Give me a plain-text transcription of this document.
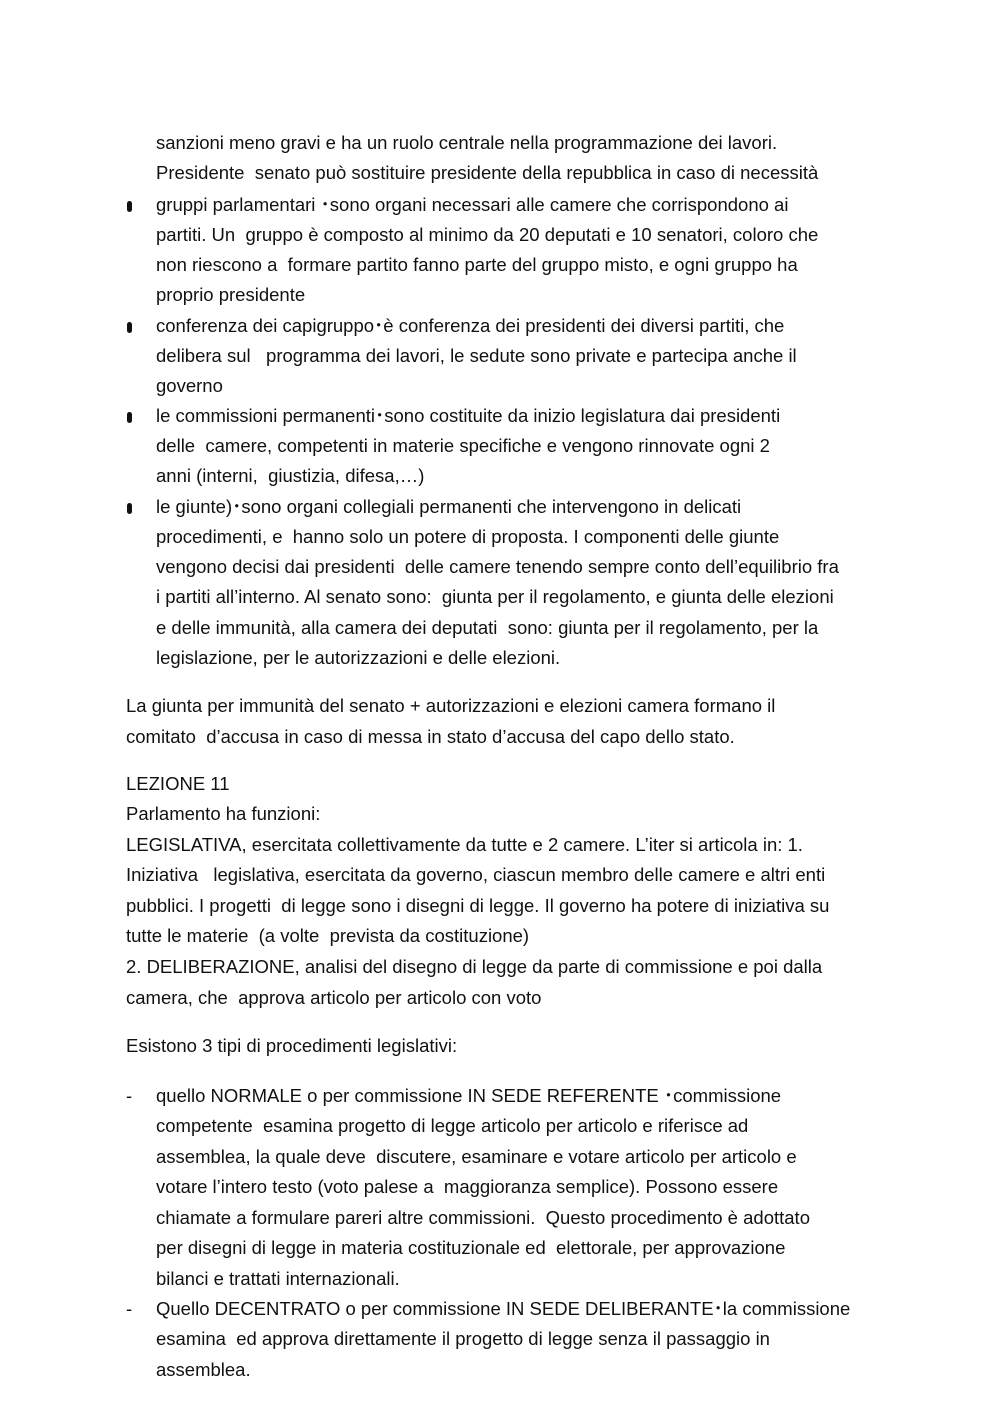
sanzioni meno gravi e ha un ruolo centrale nella programmazione dei lavori.
Presidente  senato può sostituire presidente della repubblica in caso di necessità
gruppi parlamentari ･sono organi necessari alle camere che corrispondono ai
partiti. Un  gruppo è composto al minimo da 20 deputati e 10 senatori, coloro che
non riescono a  formare partito fanno parte del gruppo misto, e ogni gruppo ha
proprio presidente
conferenza dei capigruppo･è conferenza dei presidenti dei diversi partiti, che
delibera sul   programma dei lavori, le sedute sono private e partecipa anche il
governo
le commissioni permanenti･sono costituite da inizio legislatura dai presidenti
delle  camere, competenti in materie specifiche e vengono rinnovate ogni 2
anni (interni,  giustizia, difesa,…)
le giunte)･sono organi collegiali permanenti che intervengono in delicati
procedimenti, e  hanno solo un potere di proposta. I componenti delle giunte
vengono decisi dai presidenti  delle camere tenendo sempre conto dell’equilibrio fra
i partiti all’interno. Al senato sono:  giunta per il regolamento, e giunta delle elezioni
e delle immunità, alla camera dei deputati  sono: giunta per il regolamento, per la
legislazione, per le autorizzazioni e delle elezioni.
La giunta per immunità del senato + autorizzazioni e elezioni camera formano il
comitato  d’accusa in caso di messa in stato d’accusa del capo dello stato.
LEZIONE 11
Parlamento ha funzioni:
LEGISLATIVA, esercitata collettivamente da tutte e 2 camere. L’iter si articola in: 1.
Iniziativa   legislativa, esercitata da governo, ciascun membro delle camere e altri enti
pubblici. I progetti  di legge sono i disegni di legge. Il governo ha potere di iniziativa su
tutte le materie  (a volte  prevista da costituzione)
2. DELIBERAZIONE, analisi del disegno di legge da parte di commissione e poi dalla
camera, che  approva articolo per articolo con voto
Esistono 3 tipi di procedimenti legislativi:
- quello NORMALE o per commissione IN SEDE REFERENTE ･commissione
competente  esamina progetto di legge articolo per articolo e riferisce ad
assemblea, la quale deve  discutere, esaminare e votare articolo per articolo e
votare l’intero testo (voto palese a  maggioranza semplice). Possono essere
chiamate a formulare pareri altre commissioni.  Questo procedimento è adottato
per disegni di legge in materia costituzionale ed  elettorale, per approvazione
bilanci e trattati internazionali.
- Quello DECENTRATO o per commissione IN SEDE DELIBERANTE･la commissione
esamina  ed approva direttamente il progetto di legge senza il passaggio in
assemblea.
